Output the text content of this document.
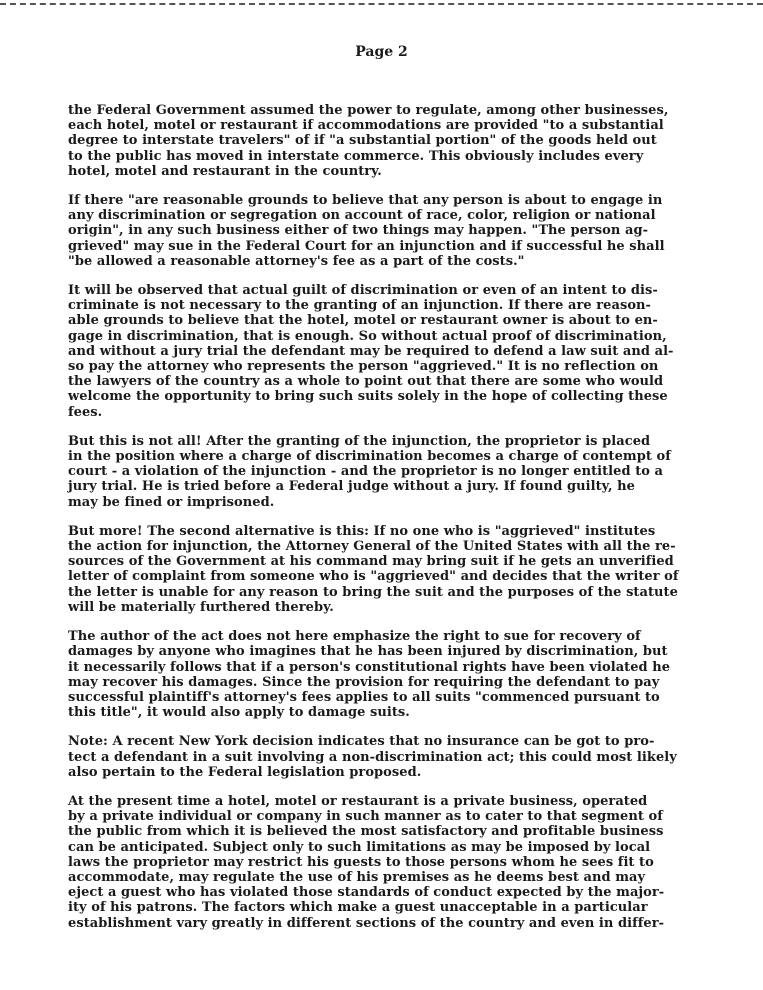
Page 2

the Federal Government assumed the power to regulate, among other businesses,
each hotel, motel or restaurant if accommodations are provided "to a substantial
degree to interstate travelers" of if "a substantial portion" of the goods held out
to the public has moved in interstate commerce. This obviously includes every
hotel, motel and restaurant in the country.

If there "are reasonable grounds to believe that any person is about to engage in
any discrimination or segregation on account of race, color, religion or national
origin", in any such business either of two things may happen. "The person ag-
grieved" may sue in the Federal Court for an injunction and if successful he shall
"be allowed a reasonable attorney's fee as a part of the costs."

It will be observed that actual guilt of discrimination or even of an intent to dis-
criminate is not necessary to the granting of an injunction. If there are reason-
able grounds to believe that the hotel, motel or restaurant owner is about to en-
gage in discrimination, that is enough. So without actual proof of discrimination,
and without a jury trial the defendant may be required to defend a law suit and al-
so pay the attorney who represents the person "aggrieved." It is no reflection on
the lawyers of the country as a whole to point out that there are some who would
welcome the opportunity to bring such suits solely in the hope of collecting these
fees.

But this is not all! After the granting of the injunction, the proprietor is placed
in the position where a charge of discrimination becomes a charge of contempt of
court - a violation of the injunction - and the proprietor is no longer entitled to a
jury trial. He is tried before a Federal judge without a jury. If found guilty, he
may be fined or imprisoned.

But more! The second alternative is this: If no one who is "aggrieved" institutes
the action for injunction, the Attorney General of the United States with all the re-
sources of the Government at his command may bring suit if he gets an unverified
letter of complaint from someone who is "aggrieved" and decides that the writer of
the letter is unable for any reason to bring the suit and the purposes of the statute
will be materially furthered thereby.

The author of the act does not here emphasize the right to sue for recovery of
damages by anyone who imagines that he has been injured by discrimination, but
it necessarily follows that if a person's constitutional rights have been violated he
may recover his damages. Since the provision for requiring the defendant to pay
successful plaintiff's attorney's fees applies to all suits "commenced pursuant to
this title", it would also apply to damage suits.

Note: A recent New York decision indicates that no insurance can be got to pro-
tect a defendant in a suit involving a non-discrimination act; this could most likely
also pertain to the Federal legislation proposed.

At the present time a hotel, motel or restaurant is a private business, operated
by a private individual or company in such manner as to cater to that segment of
the public from which it is believed the most satisfactory and profitable business
can be anticipated. Subject only to such limitations as may be imposed by local
laws the proprietor may restrict his guests to those persons whom he sees fit to
accommodate, may regulate the use of his premises as he deems best and may
eject a guest who has violated those standards of conduct expected by the major-
ity of his patrons. The factors which make a guest unacceptable in a particular
establishment vary greatly in different sections of the country and even in differ-
